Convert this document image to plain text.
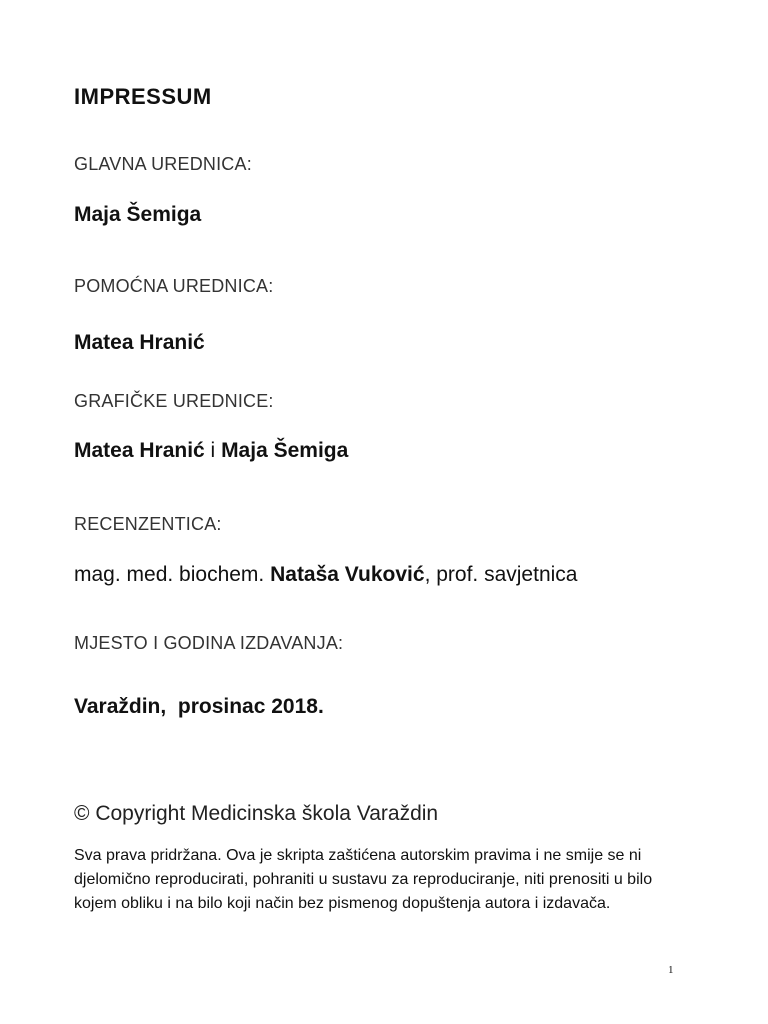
IMPRESSUM
GLAVNA UREDNICA:
Maja Šemiga
POMOĆNA UREDNICA:
Matea Hranić
GRAFIČKE UREDNICE:
Matea Hranić i Maja Šemiga
RECENZENTICA:
mag. med. biochem. Nataša Vuković, prof. savjetnica
MJESTO I GODINA IZDAVANJA:
Varaždin,  prosinac 2018.
© Copyright Medicinska škola Varaždin
Sva prava pridržana. Ova je skripta zaštićena autorskim pravima i ne smije se ni djelomično reproducirati, pohraniti u sustavu za reproduciranje, niti prenositi u bilo kojem obliku i na bilo koji način bez pismenog dopuštenja autora i izdavača.
1
